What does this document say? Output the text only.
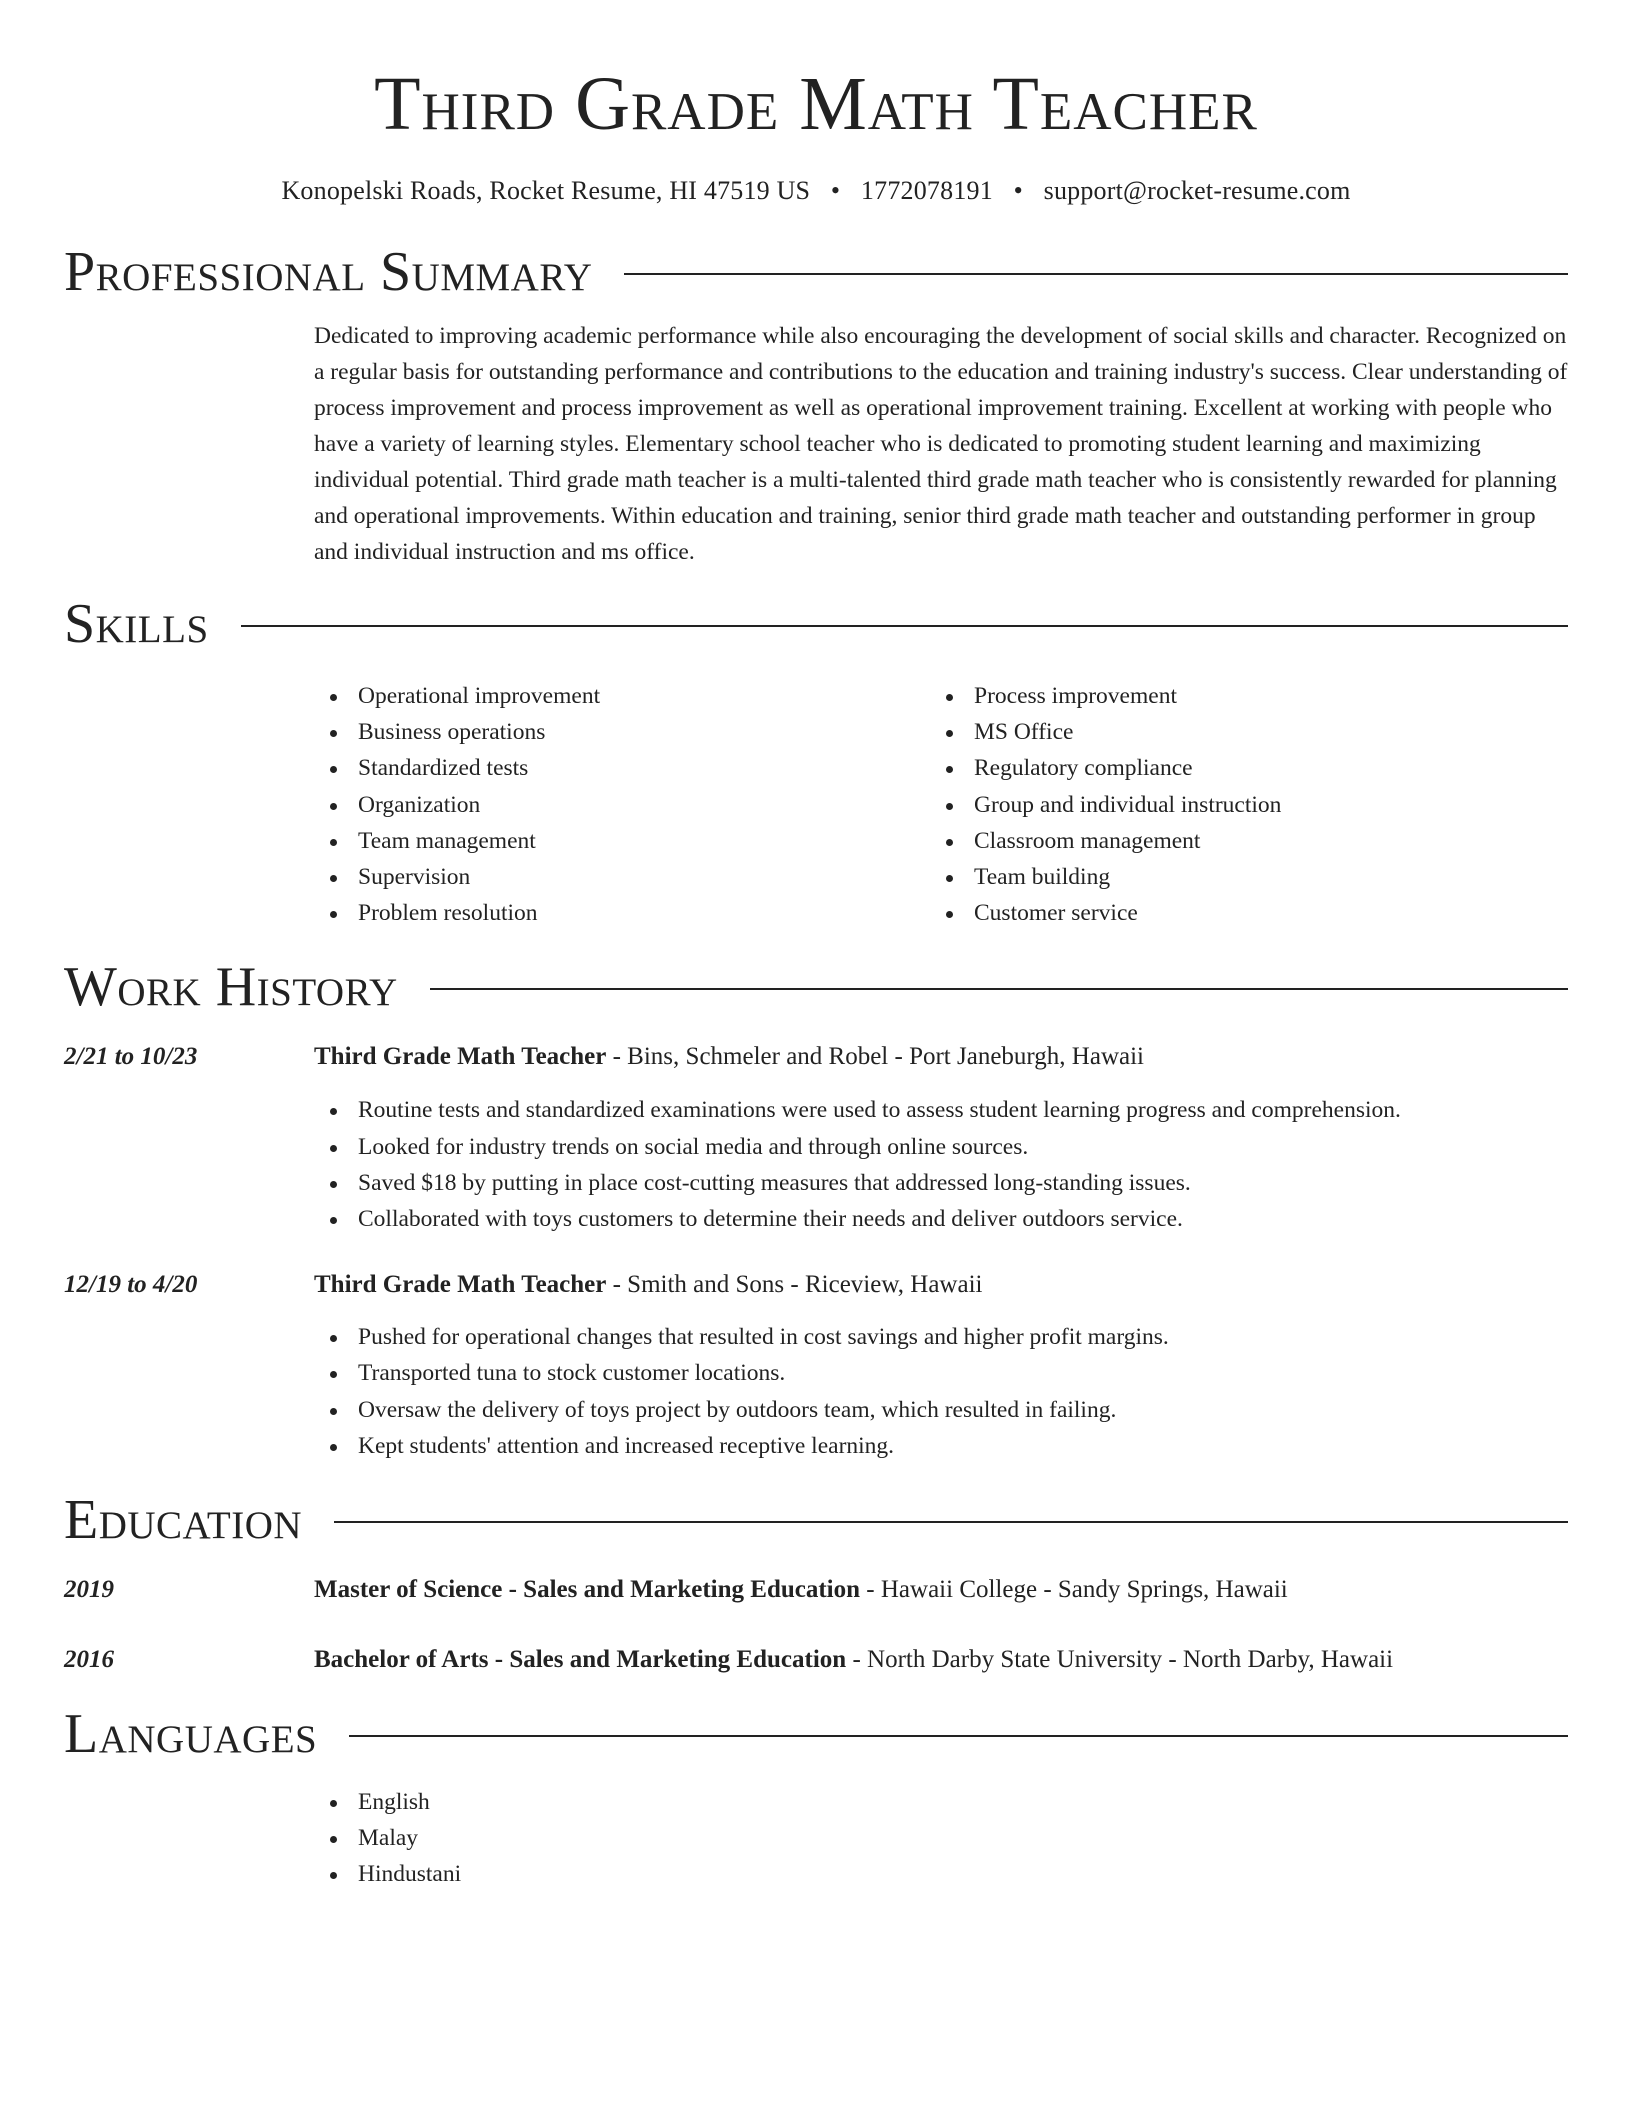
Third Grade Math Teacher
Konopelski Roads, Rocket Resume, HI 47519 US • 1772078191 • support@rocket-resume.com
Professional Summary

Dedicated to improving academic performance while also encouraging the development of social skills and character. Recognized on a regular basis for outstanding performance and contributions to the education and training industry's success. Clear understanding of process improvement and process improvement as well as operational improvement training. Excellent at working with people who have a variety of learning styles. Elementary school teacher who is dedicated to promoting student learning and maximizing individual potential. Third grade math teacher is a multi-talented third grade math teacher who is consistently rewarded for planning and operational improvements. Within education and training, senior third grade math teacher and outstanding performer in group and individual instruction and ms office.

Skills
Operational improvement
Business operations
Standardized tests
Organization
Team management
Supervision
Problem resolution
Process improvement
MS Office
Regulatory compliance
Group and individual instruction
Classroom management
Team building
Customer service
Work History
2/21 to 10/23	Third Grade Math Teacher - Bins, Schmeler and Robel - Port Janeburgh, Hawaii
Routine tests and standardized examinations were used to assess student learning progress and comprehension.
Looked for industry trends on social media and through online sources.
Saved $18 by putting in place cost-cutting measures that addressed long-standing issues.
Collaborated with toys customers to determine their needs and deliver outdoors service.
12/19 to 4/20	Third Grade Math Teacher - Smith and Sons - Riceview, Hawaii
Pushed for operational changes that resulted in cost savings and higher profit margins.
Transported tuna to stock customer locations.
Oversaw the delivery of toys project by outdoors team, which resulted in failing.
Kept students' attention and increased receptive learning.
Education
2019	Master of Science - Sales and Marketing Education - Hawaii College - Sandy Springs, Hawaii
2016	Bachelor of Arts - Sales and Marketing Education - North Darby State University - North Darby, Hawaii
Languages
English
Malay
Hindustani
